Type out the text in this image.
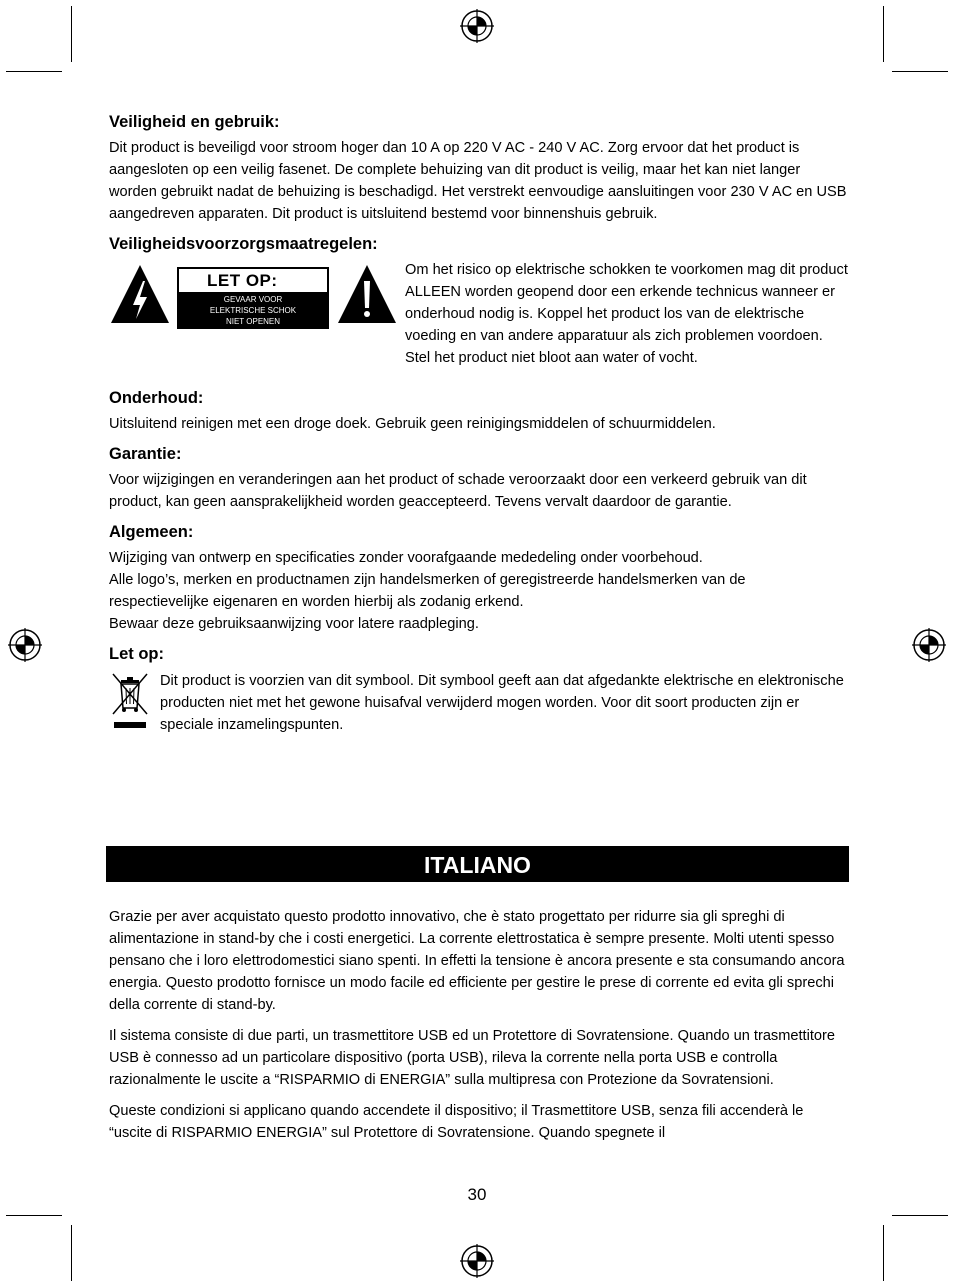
Veiligheid en gebruik:

Dit product is beveiligd voor stroom hoger dan 10 A op 220 V AC - 240 V AC. Zorg ervoor dat het product is aangesloten op een veilig fasenet. De complete behuizing van dit product is veilig, maar het kan niet langer worden gebruikt nadat de behuizing is beschadigd. Het verstrekt eenvoudige aansluitingen voor 230 V AC en USB aangedreven apparaten. Dit product is uitsluitend bestemd voor binnenshuis gebruik.

Veiligheidsvoorzorgsmaatregelen:
LET OP:
GEVAAR VOOR
ELEKTRISCHE SCHOK
NIET OPENEN

Om het risico op elektrische schokken te voorkomen mag dit product ALLEEN worden geopend door een erkende technicus wanneer er onderhoud nodig is. Koppel het product los van de elektrische voeding en van andere apparatuur als zich problemen voordoen. Stel het product niet bloot aan water of vocht.

Onderhoud:

Uitsluitend reinigen met een droge doek. Gebruik geen reinigingsmiddelen of schuurmiddelen.

Garantie:

Voor wijzigingen en veranderingen aan het product of schade veroorzaakt door een verkeerd gebruik van dit product, kan geen aansprakelijkheid worden geaccepteerd. Tevens vervalt daardoor de garantie.

Algemeen:

Wijziging van ontwerp en specificaties zonder voorafgaande mededeling onder voorbehoud.

Alle logo’s, merken en productnamen zijn handelsmerken of geregistreerde handelsmerken van de respectievelijke eigenaren en worden hierbij als zodanig erkend.

Bewaar deze gebruiksaanwijzing voor latere raadpleging.

Let op:

Dit product is voorzien van dit symbool. Dit symbool geeft aan dat afgedankte elektrische en elektronische producten niet met het gewone huisafval verwijderd mogen worden. Voor dit soort producten zijn er speciale inzamelingspunten.

ITALIANO

Grazie per aver acquistato questo prodotto innovativo, che è stato progettato per ridurre sia gli spreghi di alimentazione in stand-by che i costi energetici. La corrente elettrostatica è sempre presente. Molti utenti spesso pensano che i loro elettrodomestici siano spenti. In effetti la tensione è ancora presente e sta consumando ancora energia. Questo prodotto fornisce un modo facile ed efficiente per gestire le prese di corrente ed evita gli sprechi della corrente di stand-by.

Il sistema consiste di due parti, un trasmettitore USB ed un Protettore di Sovratensione. Quando un trasmettitore USB è connesso ad un particolare dispositivo (porta USB), rileva la corrente nella porta USB e controlla razionalmente le uscite a “RISPARMIO di ENERGIA” sulla multipresa con Protezione da Sovratensioni.

Queste condizioni si applicano quando accendete il dispositivo; il Trasmettitore USB, senza fili accenderà le “uscite di RISPARMIO ENERGIA” sul Protettore di Sovratensione. Quando spegnete il

30
